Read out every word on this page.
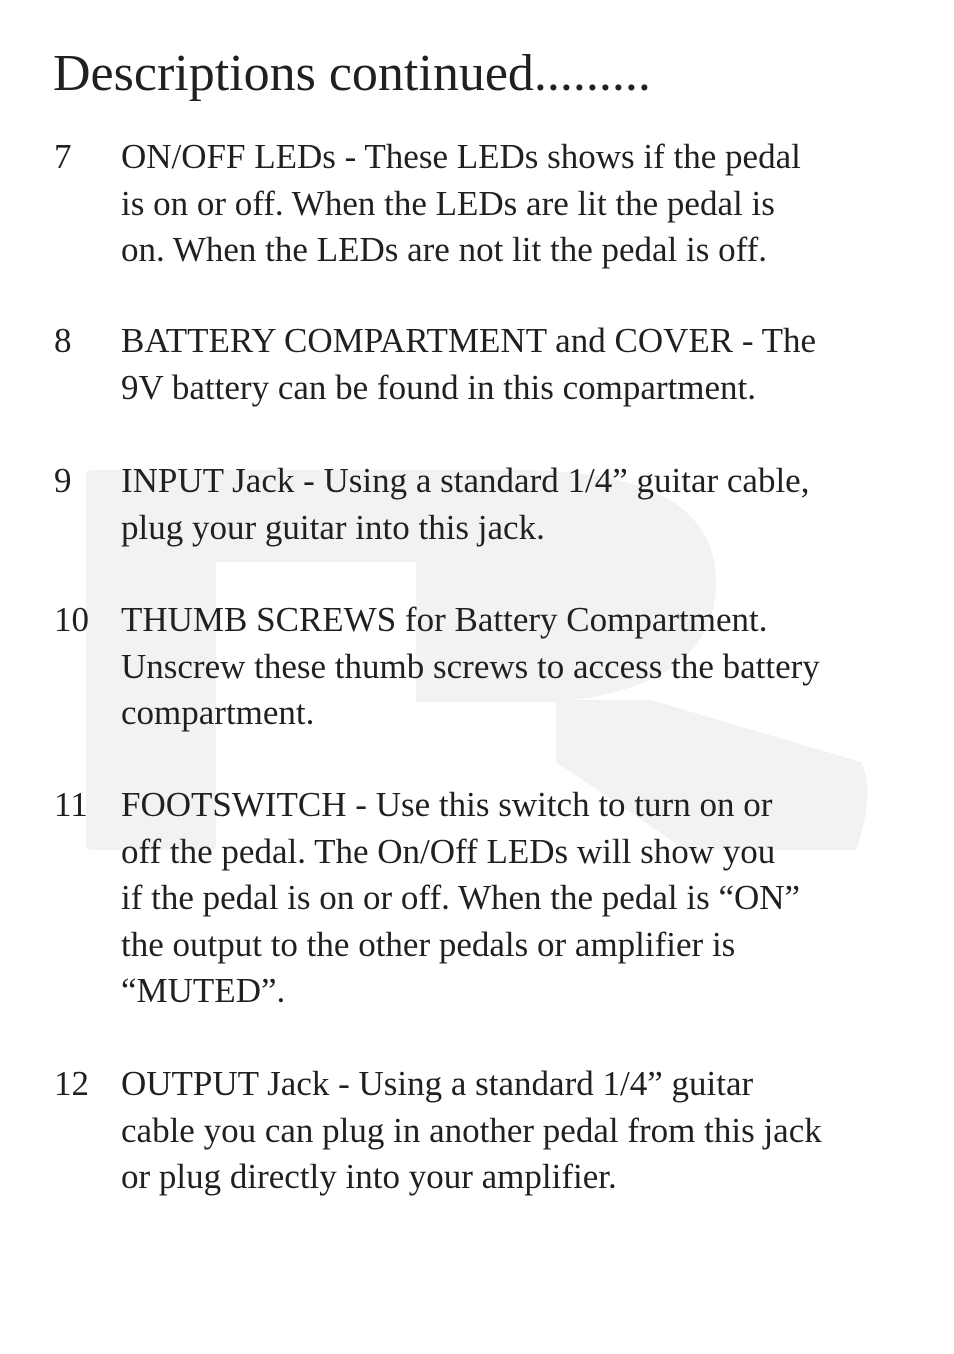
Descriptions continued.........
7 ON/OFF LEDs - These LEDs shows if the pedal
is on or off. When the LEDs are lit the pedal is
on. When the LEDs are not lit the pedal is off.
8 BATTERY COMPARTMENT and COVER - The
9V battery can be found in this compartment.
9 INPUT Jack - Using a standard 1/4” guitar cable,
plug your guitar into this jack.
10 THUMB SCREWS for Battery Compartment.
Unscrew these thumb screws to access the battery
compartment.
11 FOOTSWITCH - Use this switch to turn on or
off the pedal. The On/Off LEDs will show you
if the pedal is on or off. When the pedal is “ON”
the output to the other pedals or amplifier is
“MUTED”.
12 OUTPUT Jack - Using a standard 1/4” guitar
cable you can plug in another pedal from this jack
or plug directly into your amplifier.
